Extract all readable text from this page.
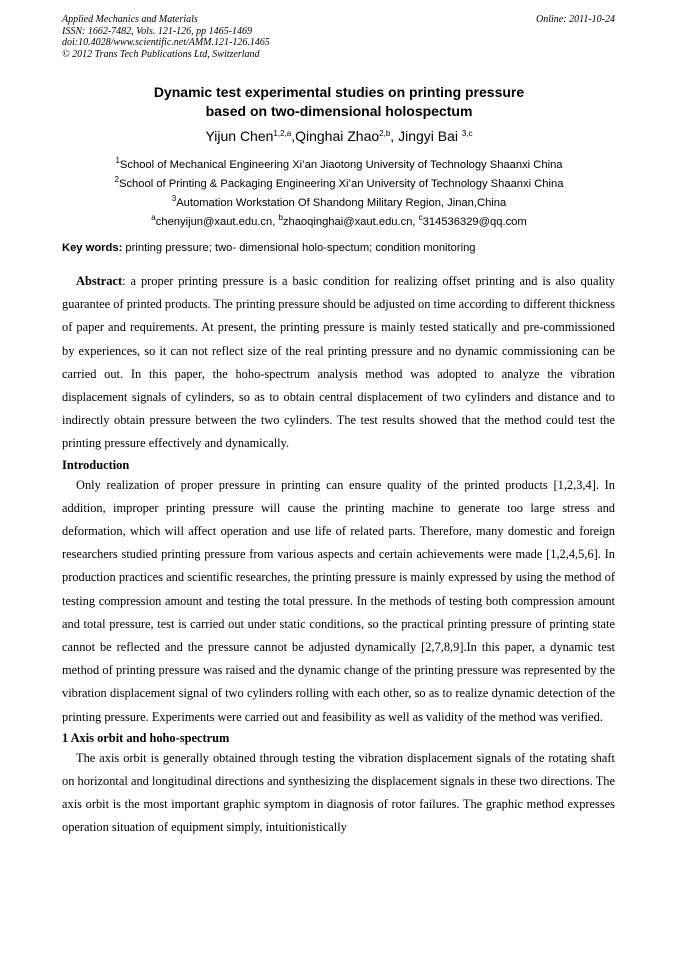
Applied Mechanics and Materials
ISSN: 1662-7482, Vols. 121-126, pp 1465-1469
doi:10.4028/www.scientific.net/AMM.121-126.1465
© 2012 Trans Tech Publications Ltd, Switzerland
Online: 2011-10-24
Dynamic test experimental studies on printing pressure
based on two-dimensional holospectum
Yijun Chen$^{1,2,a}$,Qinghai Zhao$^{2,b}$, Jingyi Bai $^{3,c}$
$^1$School of Mechanical Engineering Xi’an Jiaotong University of Technology Shaanxi China
$^2$School of Printing & Packaging Engineering Xi’an University of Technology Shaanxi China
$^3$Automation Workstation Of Shandong Military Region, Jinan,China
$^a$chenyijun@xaut.edu.cn, $^b$zhaoqinghai@xaut.edu.cn, $^c$314536329@qq.com
Key words: printing pressure; two- dimensional holo-spectum; condition monitoring

Abstract: a proper printing pressure is a basic condition for realizing offset printing and is also quality guarantee of printed products. The printing pressure should be adjusted on time according to different thickness of paper and requirements. At present, the printing pressure is mainly tested statically and pre-commissioned by experiences, so it can not reflect size of the real printing pressure and no dynamic commissioning can be carried out. In this paper, the hoho-spectrum analysis method was adopted to analyze the vibration displacement signals of cylinders, so as to obtain central displacement of two cylinders and distance and to indirectly obtain pressure between the two cylinders. The test results showed that the method could test the printing pressure effectively and dynamically.

Introduction

Only realization of proper pressure in printing can ensure quality of the printed products [1,2,3,4]. In addition, improper printing pressure will cause the printing machine to generate too large stress and deformation, which will affect operation and use life of related parts. Therefore, many domestic and foreign researchers studied printing pressure from various aspects and certain achievements were made [1,2,4,5,6]. In production practices and scientific researches, the printing pressure is mainly expressed by using the method of testing compression amount and testing the total pressure. In the methods of testing both compression amount and total pressure, test is carried out under static conditions, so the practical printing pressure of printing state cannot be reflected and the pressure cannot be adjusted dynamically [2,7,8,9].In this paper, a dynamic test method of printing pressure was raised and the dynamic change of the printing pressure was represented by the vibration displacement signal of two cylinders rolling with each other, so as to realize dynamic detection of the printing pressure. Experiments were carried out and feasibility as well as validity of the method was verified.

1 Axis orbit and hoho-spectrum

The axis orbit is generally obtained through testing the vibration displacement signals of the rotating shaft on horizontal and longitudinal directions and synthesizing the displacement signals in these two directions. The axis orbit is the most important graphic symptom in diagnosis of rotor failures. The graphic method expresses operation situation of equipment simply, intuitionistically
